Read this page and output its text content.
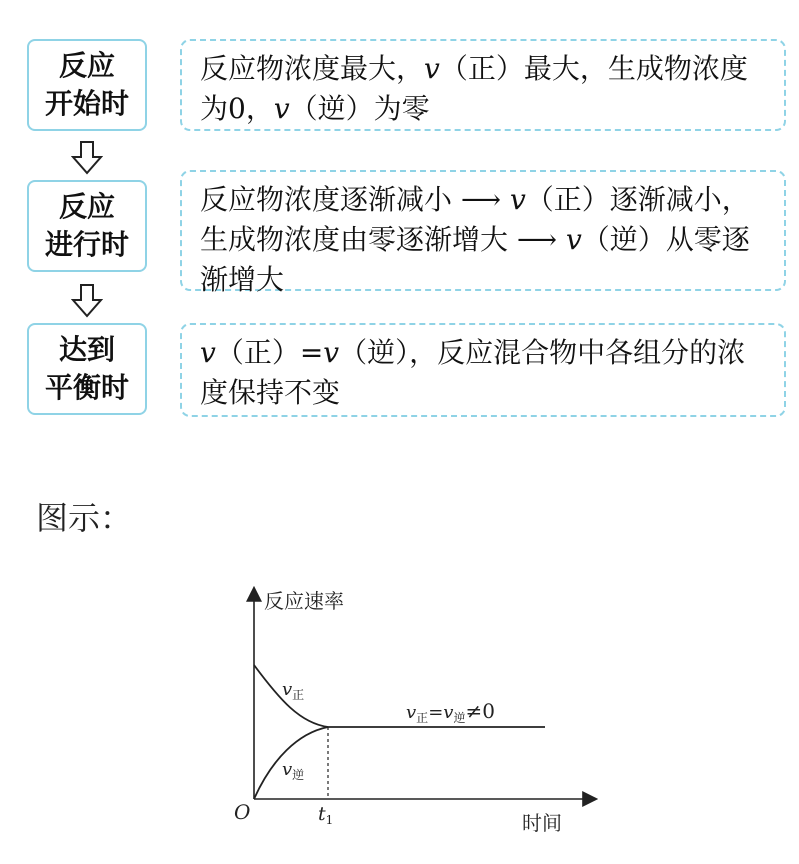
反应
开始时
反应物浓度最大，v（正）最大，生成物浓度为0，v（逆）为零
反应
进行时
反应物浓度逐渐减小 ⟶ v（正）逐渐减小，生成物浓度由零逐渐增大 ⟶ v（逆）从零逐渐增大
达到
平衡时
v（正）=v（逆），反应混合物中各组分的浓度保持不变
图示：
反应速率
时间
O	$t_1$
$v_正$
$v_逆$
$v_正=v_逆\ne 0$
